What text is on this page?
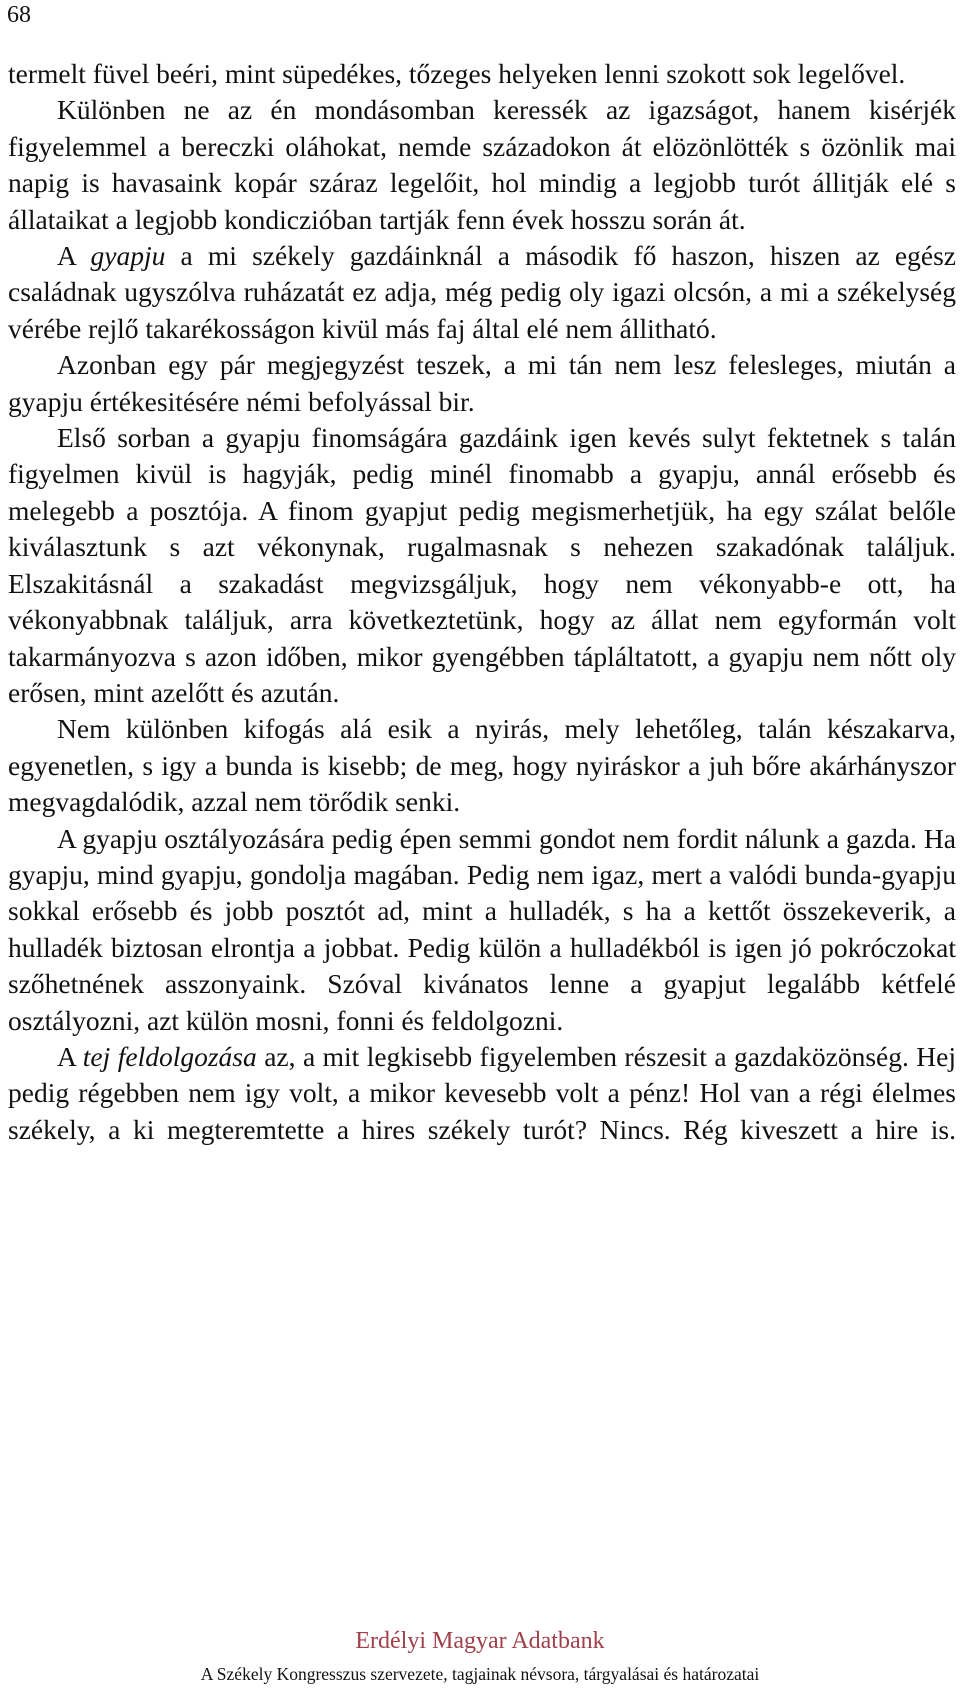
68

termelt füvel beéri, mint süpedékes, tőzeges helyeken lenni szokott sok legelővel.

Különben ne az én mondásomban keressék az igazságot, hanem kisérjék figyelemmel a bereczki oláhokat, nemde századokon át elözönlötték s özönlik mai napig is havasaink kopár száraz legelőit, hol mindig a legjobb turót állitják elé s állataikat a legjobb kondiczióban tartják fenn évek hosszu során át.

A gyapju a mi székely gazdáinknál a második fő haszon, hiszen az egész családnak ugyszólva ruházatát ez adja, még pedig oly igazi olcsón, a mi a székelység vérébe rejlő takarékosságon kivül más faj által elé nem állitható.

Azonban egy pár megjegyzést teszek, a mi tán nem lesz felesleges, miután a gyapju értékesitésére némi befolyással bir.

Első sorban a gyapju finomságára gazdáink igen kevés sulyt fektetnek s talán figyelmen kivül is hagyják, pedig minél finomabb a gyapju, annál erősebb és melegebb a posztója. A finom gyapjut pedig megismerhetjük, ha egy szálat belőle kiválasztunk s azt vékonynak, rugalmasnak s nehezen szakadónak találjuk. Elszakitásnál a szakadást megvizsgáljuk, hogy nem vékonyabb-e ott, ha vékonyabbnak találjuk, arra következtetünk, hogy az állat nem egyformán volt takarmányozva s azon időben, mikor gyengébben tápláltatott, a gyapju nem nőtt oly erősen, mint azelőtt és azután.

Nem különben kifogás alá esik a nyirás, mely lehetőleg, talán készakarva, egyenetlen, s igy a bunda is kisebb; de meg, hogy nyiráskor a juh bőre akárhányszor megvagdalódik, azzal nem törődik senki.

A gyapju osztályozására pedig épen semmi gondot nem fordit nálunk a gazda. Ha gyapju, mind gyapju, gondolja magában. Pedig nem igaz, mert a valódi bunda-gyapju sokkal erősebb és jobb posztót ad, mint a hulladék, s ha a kettőt összekeverik, a hulladék biztosan elrontja a jobbat. Pedig külön a hulladékból is igen jó pokróczokat szőhetnének asszonyaink. Szóval kivánatos lenne a gyapjut legalább kétfelé osztályozni, azt külön mosni, fonni és feldolgozni.

A tej feldolgozása az, a mit legkisebb figyelemben részesit a gazdaközönség. Hej pedig régebben nem igy volt, a mikor kevesebb volt a pénz! Hol van a régi élelmes székely, a ki megteremtette a hires székely turót? Nincs. Rég kiveszett a hire is.

Erdélyi Magyar Adatbank
A Székely Kongresszus szervezete, tagjainak névsora, tárgyalásai és határozatai
